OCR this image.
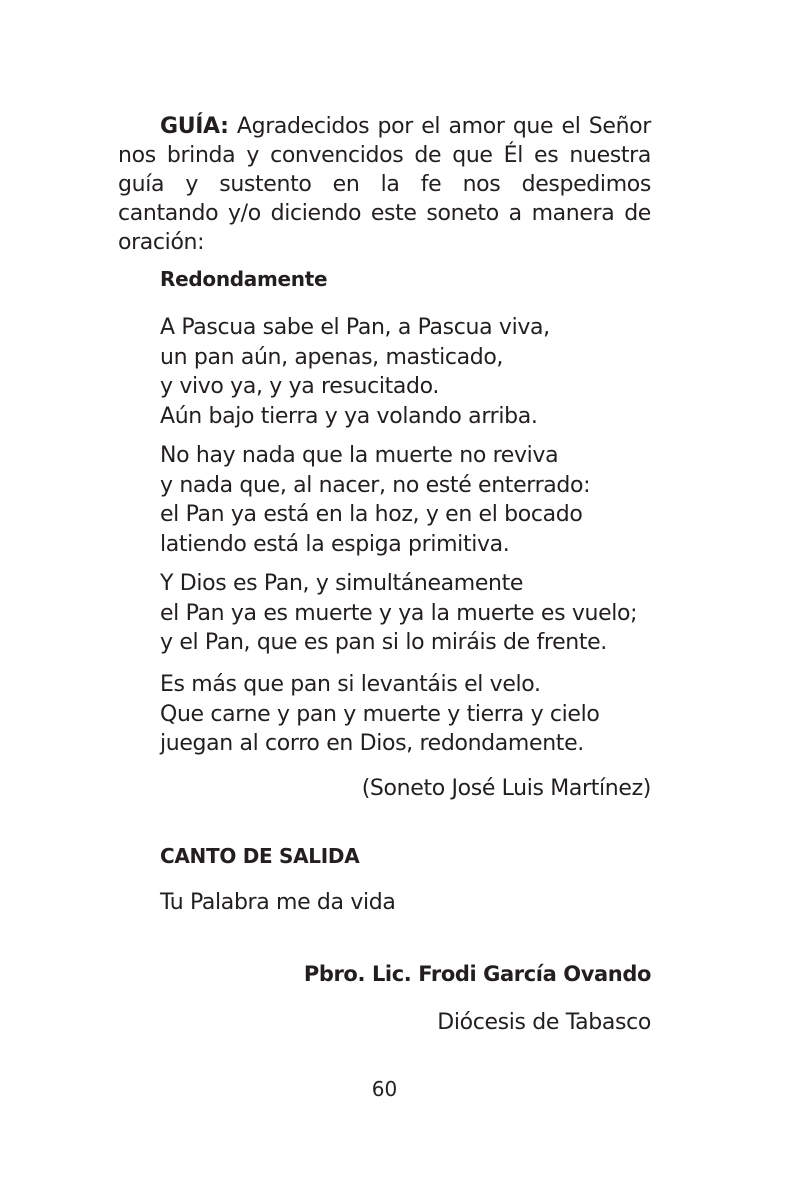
GUÍA: Agradecidos por el amor que el Señor nos brinda y convencidos de que Él es nuestra guía y sustento en la fe nos despedimos cantando y/o diciendo este soneto a manera de oración:

Redondamente

A Pascua sabe el Pan, a Pascua viva,
un pan aún, apenas, masticado,
y vivo ya, y ya resucitado.
Aún bajo tierra y ya volando arriba.

No hay nada que la muerte no reviva
y nada que, al nacer, no esté enterrado:
el Pan ya está en la hoz, y en el bocado
latiendo está la espiga primitiva.

Y Dios es Pan, y simultáneamente
el Pan ya es muerte y ya la muerte es vuelo;
y el Pan, que es pan si lo miráis de frente.

Es más que pan si levantáis el velo.
Que carne y pan y muerte y tierra y cielo
juegan al corro en Dios, redondamente.

(Soneto José Luis Martínez)

CANTO DE SALIDA

Tu Palabra me da vida

Pbro. Lic. Frodi García Ovando

Diócesis de Tabasco

60
